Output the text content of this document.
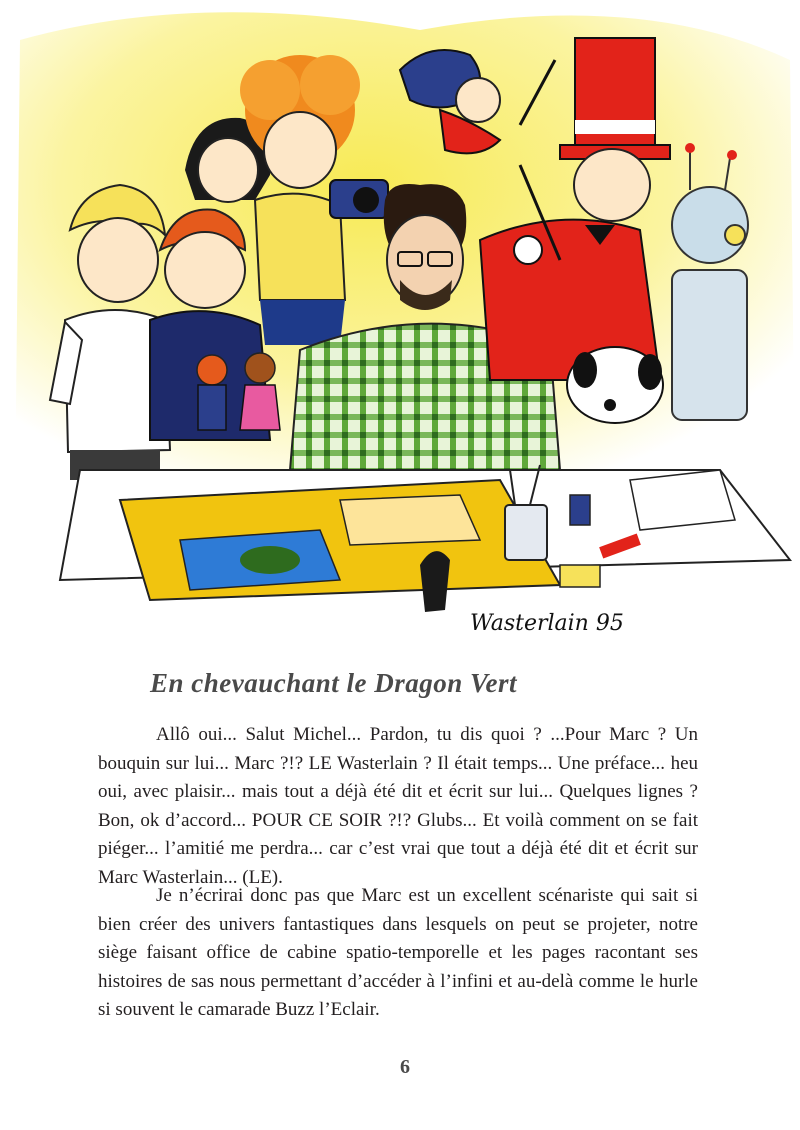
Wasterlain 95
En chevauchant le Dragon Vert

Allô oui... Salut Michel... Pardon, tu dis quoi ? ...Pour Marc ? Un bouquin sur lui... Marc ?!? LE Wasterlain ? Il était temps... Une préface... heu oui, avec plaisir... mais tout a déjà été dit et écrit sur lui... Quelques lignes ? Bon, ok d’accord... POUR CE SOIR ?!? Glubs... Et voilà comment on se fait piéger... l’amitié me perdra... car c’est vrai que tout a déjà été dit et écrit sur Marc Wasterlain... (LE).

Je n’écrirai donc pas que Marc est un excellent scénariste qui sait si bien créer des univers fantastiques dans lesquels on peut se projeter, notre siège faisant office de cabine spatio-temporelle et les pages racontant ses histoires de sas nous permettant d’accéder à l’infini et au-delà comme le hurle si souvent le camarade Buzz l’Eclair.

6
